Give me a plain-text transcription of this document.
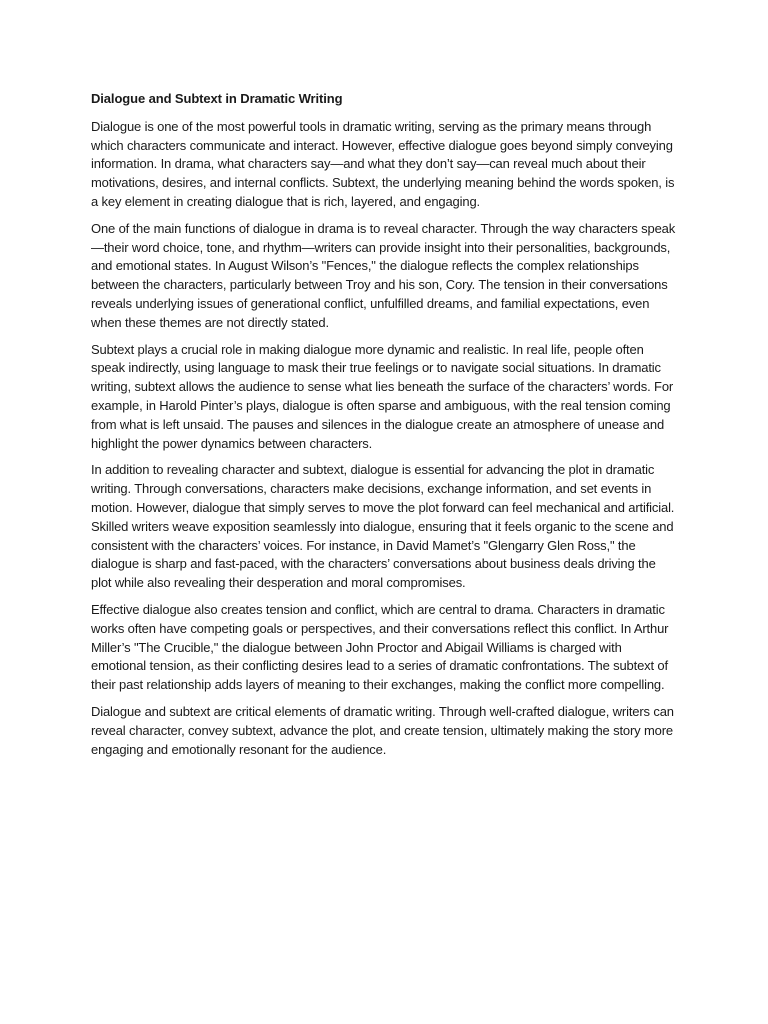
Dialogue and Subtext in Dramatic Writing

Dialogue is one of the most powerful tools in dramatic writing, serving as the primary means through which characters communicate and interact. However, effective dialogue goes beyond simply conveying information. In drama, what characters say—and what they don’t say—can reveal much about their motivations, desires, and internal conflicts. Subtext, the underlying meaning behind the words spoken, is a key element in creating dialogue that is rich, layered, and engaging.

One of the main functions of dialogue in drama is to reveal character. Through the way characters speak—their word choice, tone, and rhythm—writers can provide insight into their personalities, backgrounds, and emotional states. In August Wilson’s "Fences," the dialogue reflects the complex relationships between the characters, particularly between Troy and his son, Cory. The tension in their conversations reveals underlying issues of generational conflict, unfulfilled dreams, and familial expectations, even when these themes are not directly stated.

Subtext plays a crucial role in making dialogue more dynamic and realistic. In real life, people often speak indirectly, using language to mask their true feelings or to navigate social situations. In dramatic writing, subtext allows the audience to sense what lies beneath the surface of the characters’ words. For example, in Harold Pinter’s plays, dialogue is often sparse and ambiguous, with the real tension coming from what is left unsaid. The pauses and silences in the dialogue create an atmosphere of unease and highlight the power dynamics between characters.

In addition to revealing character and subtext, dialogue is essential for advancing the plot in dramatic writing. Through conversations, characters make decisions, exchange information, and set events in motion. However, dialogue that simply serves to move the plot forward can feel mechanical and artificial. Skilled writers weave exposition seamlessly into dialogue, ensuring that it feels organic to the scene and consistent with the characters’ voices. For instance, in David Mamet’s "Glengarry Glen Ross," the dialogue is sharp and fast-paced, with the characters’ conversations about business deals driving the plot while also revealing their desperation and moral compromises.

Effective dialogue also creates tension and conflict, which are central to drama. Characters in dramatic works often have competing goals or perspectives, and their conversations reflect this conflict. In Arthur Miller’s "The Crucible," the dialogue between John Proctor and Abigail Williams is charged with emotional tension, as their conflicting desires lead to a series of dramatic confrontations. The subtext of their past relationship adds layers of meaning to their exchanges, making the conflict more compelling.

Dialogue and subtext are critical elements of dramatic writing. Through well-crafted dialogue, writers can reveal character, convey subtext, advance the plot, and create tension, ultimately making the story more engaging and emotionally resonant for the audience.
